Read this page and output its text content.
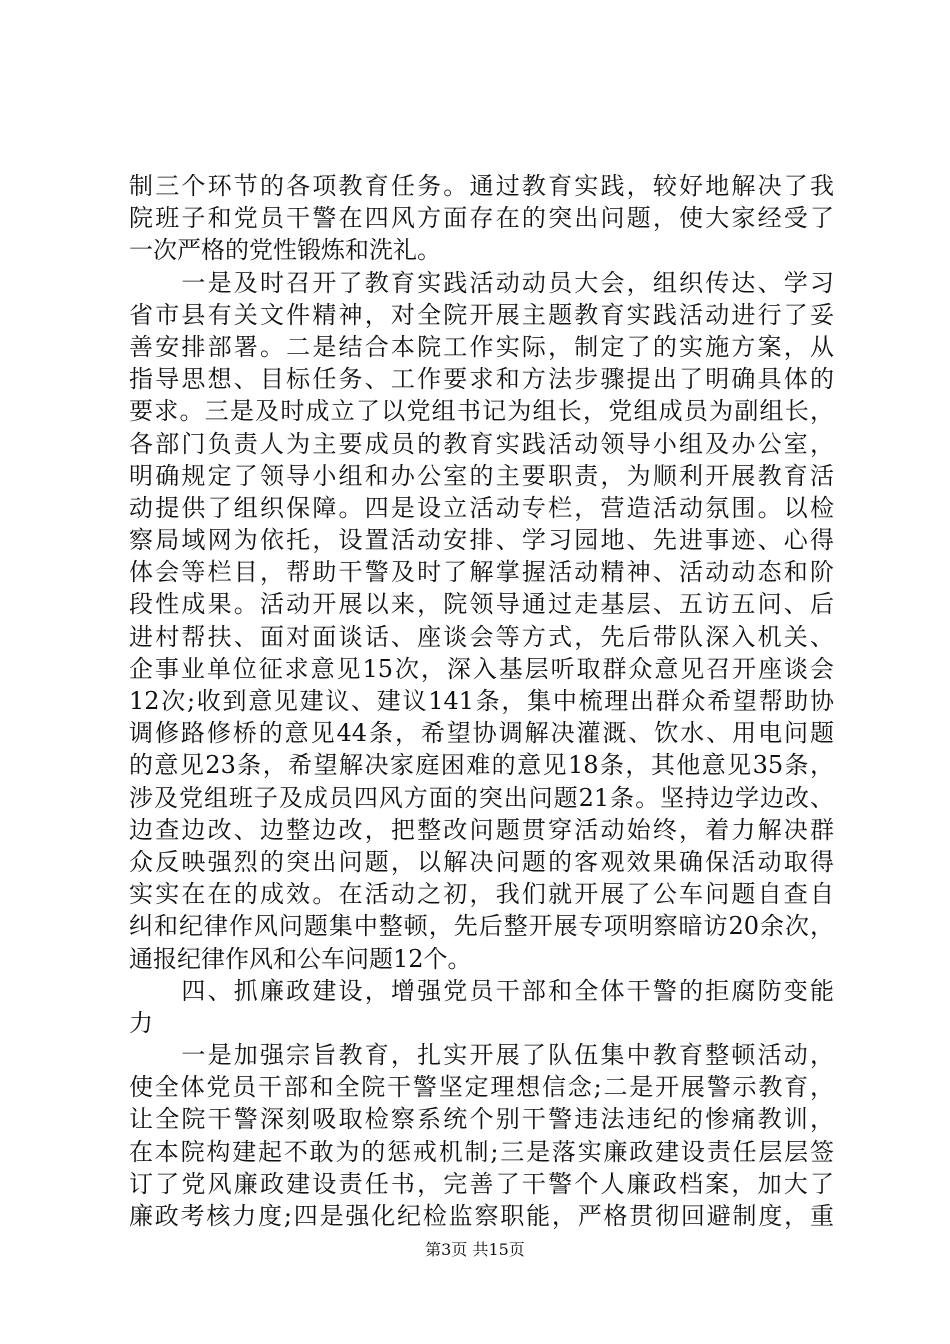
制三个环节的各项教育任务。通过教育实践，较好地解决了我
院班子和党员干警在四风方面存在的突出问题，使大家经受了
一次严格的党性锻炼和洗礼。
　　一是及时召开了教育实践活动动员大会，组织传达、学习
省市县有关文件精神，对全院开展主题教育实践活动进行了妥
善安排部署。二是结合本院工作实际，制定了的实施方案，从
指导思想、目标任务、工作要求和方法步骤提出了明确具体的
要求。三是及时成立了以党组书记为组长，党组成员为副组长，
各部门负责人为主要成员的教育实践活动领导小组及办公室，
明确规定了领导小组和办公室的主要职责，为顺利开展教育活
动提供了组织保障。四是设立活动专栏，营造活动氛围。以检
察局域网为依托，设置活动安排、学习园地、先进事迹、心得
体会等栏目，帮助干警及时了解掌握活动精神、活动动态和阶
段性成果。活动开展以来，院领导通过走基层、五访五问、后
进村帮扶、面对面谈话、座谈会等方式，先后带队深入机关、
企事业单位征求意见15次，深入基层听取群众意见召开座谈会
12次;收到意见建议、建议141条，集中梳理出群众希望帮助协
调修路修桥的意见44条，希望协调解决灌溉、饮水、用电问题
的意见23条，希望解决家庭困难的意见18条，其他意见35条，
涉及党组班子及成员四风方面的突出问题21条。坚持边学边改、
边查边改、边整边改，把整改问题贯穿活动始终，着力解决群
众反映强烈的突出问题，以解决问题的客观效果确保活动取得
实实在在的成效。在活动之初，我们就开展了公车问题自查自
纠和纪律作风问题集中整顿，先后整开展专项明察暗访20余次，
通报纪律作风和公车问题12个。
　　四、抓廉政建设，增强党员干部和全体干警的拒腐防变能
力
　　一是加强宗旨教育，扎实开展了队伍集中教育整顿活动，
使全体党员干部和全院干警坚定理想信念;二是开展警示教育，
让全院干警深刻吸取检察系统个别干警违法违纪的惨痛教训，
在本院构建起不敢为的惩戒机制;三是落实廉政建设责任层层签
订了党风廉政建设责任书，完善了干警个人廉政档案，加大了
廉政考核力度;四是强化纪检监察职能，严格贯彻回避制度，重
第3页 共15页
